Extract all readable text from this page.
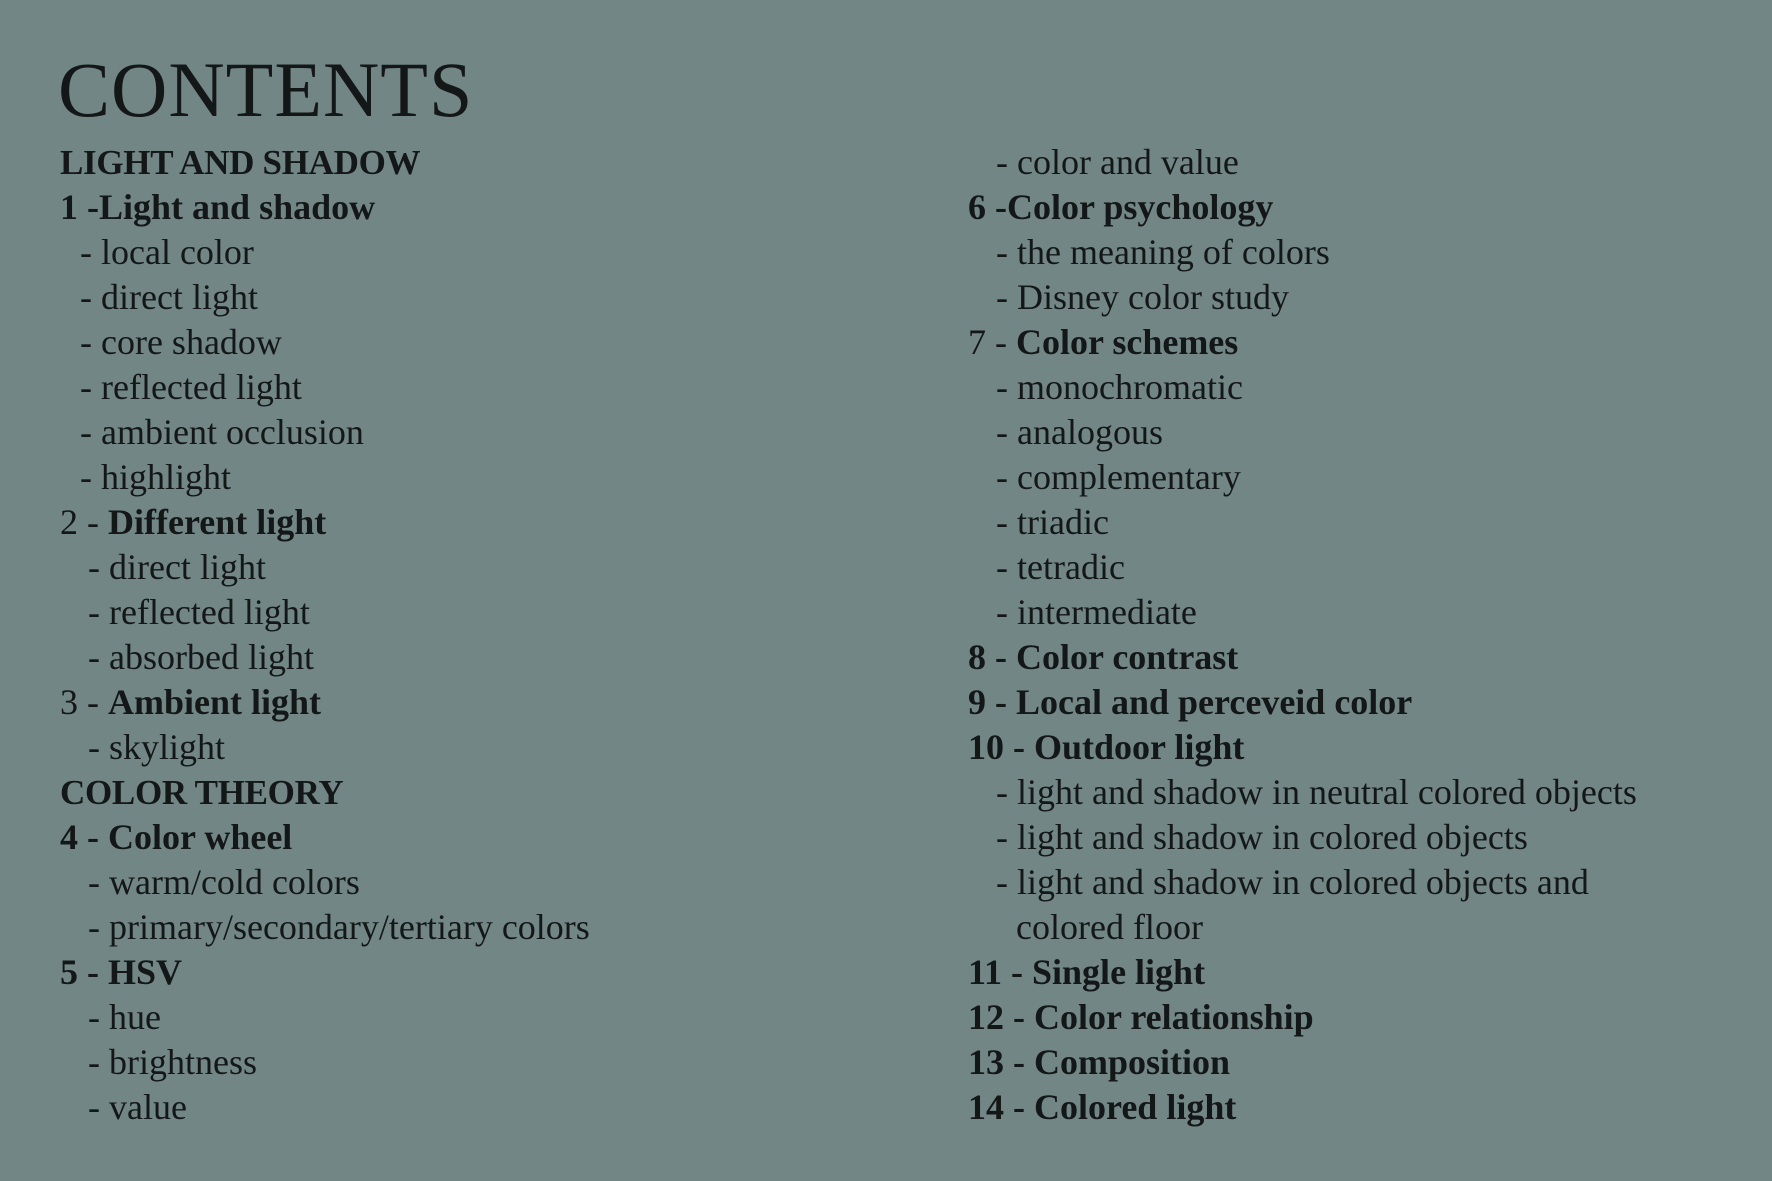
CONTENTS
LIGHT AND SHADOW
1 -Light and shadow
- local color
- direct light
- core shadow
- reflected light
- ambient occlusion
- highlight
2 - Different light
- direct light
- reflected light
- absorbed light
3 - Ambient light
- skylight
COLOR THEORY
4 - Color wheel
- warm/cold colors
- primary/secondary/tertiary colors
5 - HSV
- hue
- brightness
- value
- color and value
6 -Color psychology
- the meaning of colors
- Disney color study
7 - Color schemes
- monochromatic
- analogous
- complementary
- triadic
- tetradic
- intermediate
8 - Color contrast
9 - Local and perceveid color
10 - Outdoor light
- light and shadow in neutral colored objects
- light and shadow in colored objects
- light and shadow in colored objects and
colored floor
11 - Single light
12 - Color relationship
13 - Composition
14 - Colored light
